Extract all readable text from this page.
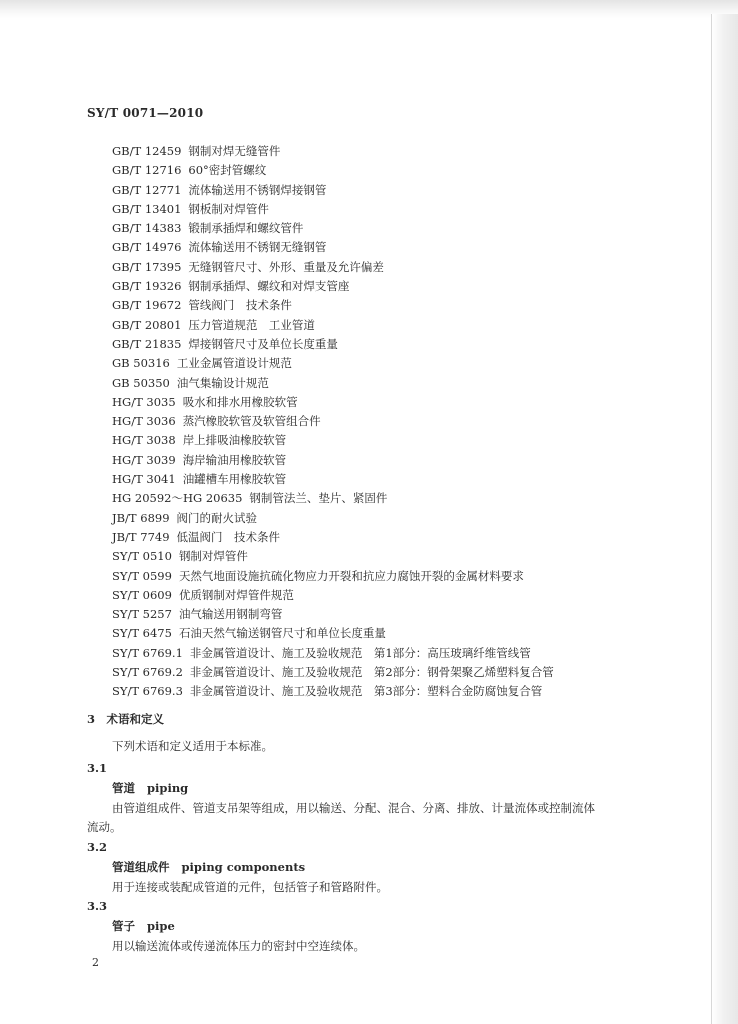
SY/T 0071—2010
GB/T 12459 钢制对焊无缝管件
GB/T 12716 60°密封管螺纹
GB/T 12771 流体输送用不锈钢焊接钢管
GB/T 13401 钢板制对焊管件
GB/T 14383 锻制承插焊和螺纹管件
GB/T 14976 流体输送用不锈钢无缝钢管
GB/T 17395 无缝钢管尺寸、外形、重量及允许偏差
GB/T 19326 钢制承插焊、螺纹和对焊支管座
GB/T 19672 管线阀门　技术条件
GB/T 20801 压力管道规范　工业管道
GB/T 21835 焊接钢管尺寸及单位长度重量
GB 50316 工业金属管道设计规范
GB 50350 油气集输设计规范
HG/T 3035 吸水和排水用橡胶软管
HG/T 3036 蒸汽橡胶软管及软管组合件
HG/T 3038 岸上排吸油橡胶软管
HG/T 3039 海岸输油用橡胶软管
HG/T 3041 油罐槽车用橡胶软管
HG 20592～HG 20635 钢制管法兰、垫片、紧固件
JB/T 6899 阀门的耐火试验
JB/T 7749 低温阀门　技术条件
SY/T 0510 钢制对焊管件
SY/T 0599 天然气地面设施抗硫化物应力开裂和抗应力腐蚀开裂的金属材料要求
SY/T 0609 优质钢制对焊管件规范
SY/T 5257 油气输送用钢制弯管
SY/T 6475 石油天然气输送钢管尺寸和单位长度重量
SY/T 6769.1 非金属管道设计、施工及验收规范　第1部分：高压玻璃纤维管线管
SY/T 6769.2 非金属管道设计、施工及验收规范　第2部分：钢骨架聚乙烯塑料复合管
SY/T 6769.3 非金属管道设计、施工及验收规范　第3部分：塑料合金防腐蚀复合管
3　术语和定义
下列术语和定义适用于本标准。
3.1
管道 piping
由管道组成件、管道支吊架等组成，用以输送、分配、混合、分离、排放、计量流体或控制流体
流动。
3.2
管道组成件 piping components
用于连接或装配成管道的元件，包括管子和管路附件。
3.3
管子 pipe
用以输送流体或传递流体压力的密封中空连续体。
2
